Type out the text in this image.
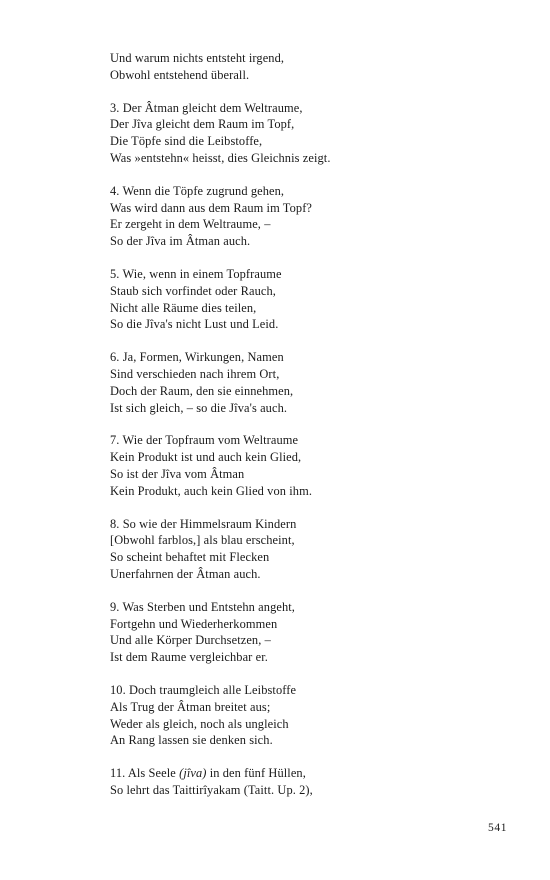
Und warum nichts entsteht irgend,
Obwohl entstehend überall.
3. Der Âtman gleicht dem Weltraume,
Der Jîva gleicht dem Raum im Topf,
Die Töpfe sind die Leibstoffe,
Was »entstehn« heisst, dies Gleichnis zeigt.
4. Wenn die Töpfe zugrund gehen,
Was wird dann aus dem Raum im Topf?
Er zergeht in dem Weltraume, –
So der Jîva im Âtman auch.
5. Wie, wenn in einem Topfraume
Staub sich vorfindet oder Rauch,
Nicht alle Räume dies teilen,
So die Jîva's nicht Lust und Leid.
6. Ja, Formen, Wirkungen, Namen
Sind verschieden nach ihrem Ort,
Doch der Raum, den sie einnehmen,
Ist sich gleich, – so die Jîva's auch.
7. Wie der Topfraum vom Weltraume
Kein Produkt ist und auch kein Glied,
So ist der Jîva vom Âtman
Kein Produkt, auch kein Glied von ihm.
8. So wie der Himmelsraum Kindern
[Obwohl farblos,] als blau erscheint,
So scheint behaftet mit Flecken
Unerfahrnen der Âtman auch.
9. Was Sterben und Entstehn angeht,
Fortgehn und Wiederherkommen
Und alle Körper Durchsetzen, –
Ist dem Raume vergleichbar er.
10. Doch traumgleich alle Leibstoffe
Als Trug der Âtman breitet aus;
Weder als gleich, noch als ungleich
An Rang lassen sie denken sich.
11. Als Seele (jîva) in den fünf Hüllen,
So lehrt das Taittirîyakam (Taitt. Up. 2),
541
